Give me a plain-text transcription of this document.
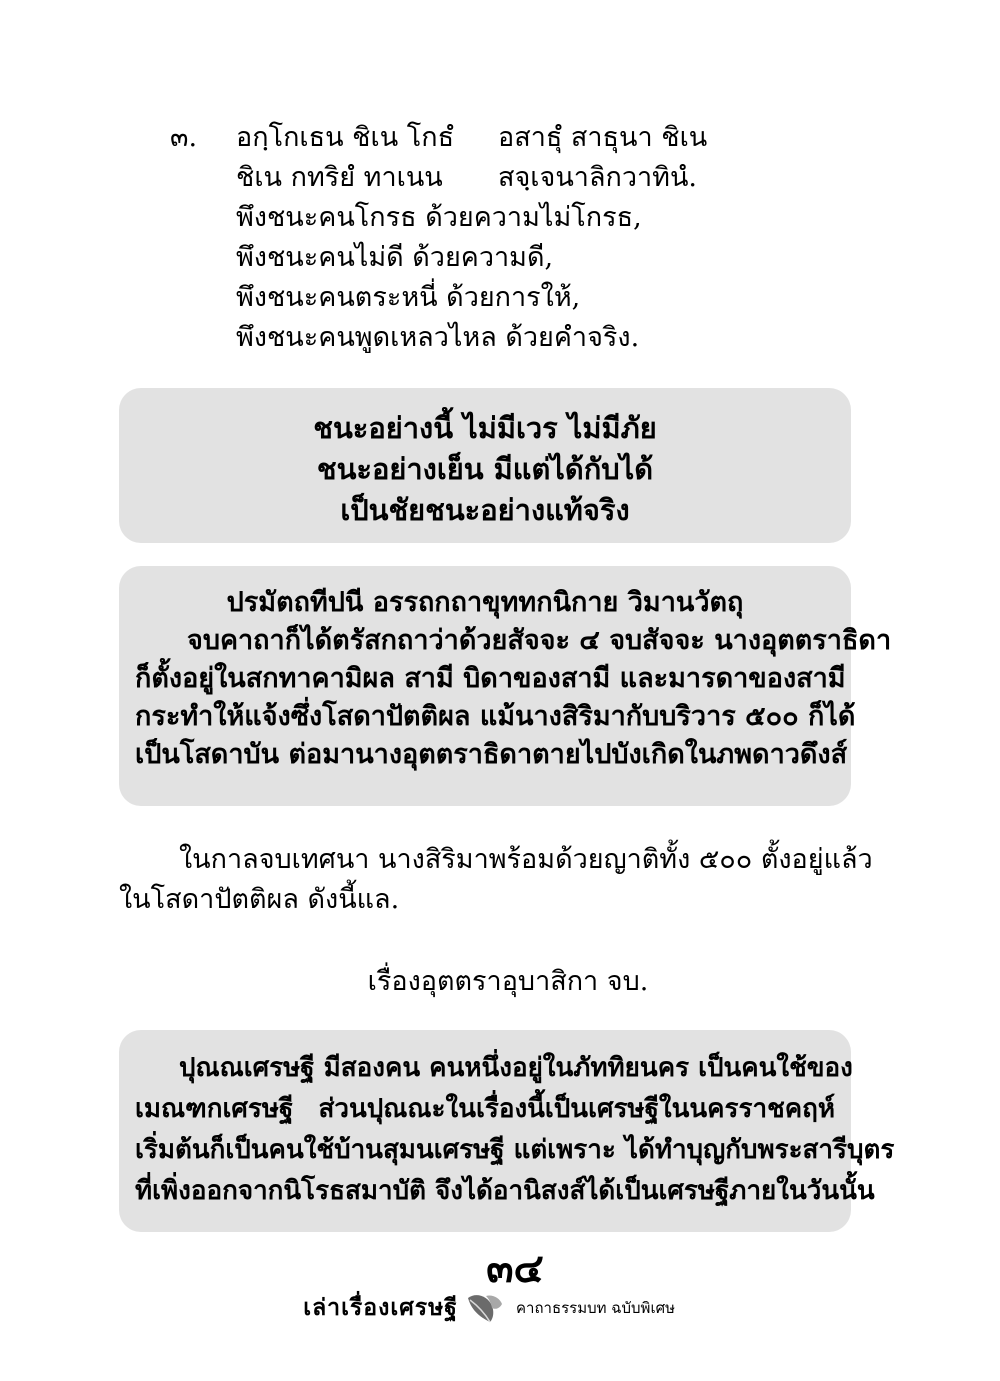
๓. อกฺโกเธน ชิเน โกธํ อสาธุํ สาธุนา ชิเน
ชิเน กทริยํ ทาเนน สจฺเจนาลิกวาทินํ.
พึงชนะคนโกรธ ด้วยความไม่โกรธ,
พึงชนะคนไม่ดี ด้วยความดี,
พึงชนะคนตระหนี่ ด้วยการให้,
พึงชนะคนพูดเหลวไหล ด้วยคำจริง.
ชนะอย่างนี้ ไม่มีเวร ไม่มีภัย
ชนะอย่างเย็น มีแต่ได้กับได้
เป็นชัยชนะอย่างแท้จริง
ปรมัตถทีปนี อรรถกถาขุททกนิกาย วิมานวัตถุ
จบคาถาก็ได้ตรัสกถาว่าด้วยสัจจะ ๔ จบสัจจะ นางอุตตราธิดา
ก็ตั้งอยู่ในสกทาคามิผล สามี บิดาของสามี และมารดาของสามี
กระทำให้แจ้งซึ่งโสดาปัตติผล แม้นางสิริมากับบริวาร ๕๐๐ ก็ได้
เป็นโสดาบัน ต่อมานางอุตตราธิดาตายไปบังเกิดในภพดาวดึงส์
ในกาลจบเทศนา นางสิริมาพร้อมด้วยญาติทั้ง ๕๐๐ ตั้งอยู่แล้ว
ในโสดาปัตติผล ดังนี้แล.
เรื่องอุตตราอุบาสิกา จบ.
ปุณณเศรษฐี มีสองคน คนหนึ่งอยู่ในภัททิยนคร เป็นคนใช้ของ
เมณฑกเศรษฐี ส่วนปุณณะในเรื่องนี้เป็นเศรษฐีในนครราชคฤห์
เริ่มต้นก็เป็นคนใช้บ้านสุมนเศรษฐี แต่เพราะ ได้ทำบุญกับพระสารีบุตร
ที่เพิ่งออกจากนิโรธสมาบัติ จึงได้อานิสงส์ได้เป็นเศรษฐีภายในวันนั้น
๓๔
เล่าเรื่องเศรษฐี	คาถาธรรมบท ฉบับพิเศษ
